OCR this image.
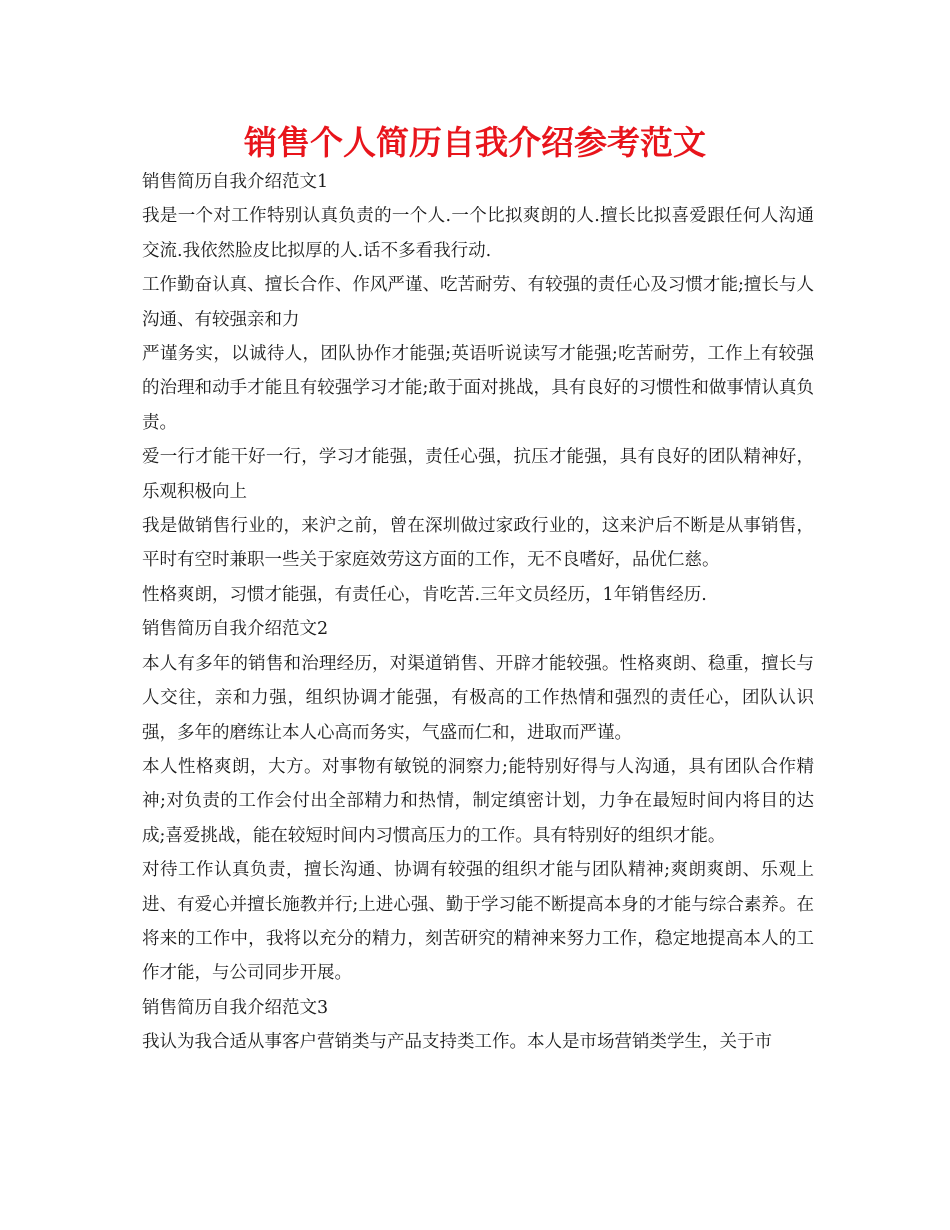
销售个人简历自我介绍参考范文

销售简历自我介绍范文1

我是一个对工作特别认真负责的一个人.一个比拟爽朗的人.擅长比拟喜爱跟任何人沟通交流.我依然脸皮比拟厚的人.话不多看我行动.

工作勤奋认真、擅长合作、作风严谨、吃苦耐劳、有较强的责任心及习惯才能;擅长与人沟通、有较强亲和力

严谨务实，以诚待人，团队协作才能强;英语听说读写才能强;吃苦耐劳，工作上有较强的治理和动手才能且有较强学习才能;敢于面对挑战，具有良好的习惯性和做事情认真负责。

爱一行才能干好一行，学习才能强，责任心强，抗压才能强，具有良好的团队精神好，乐观积极向上

我是做销售行业的，来沪之前，曾在深圳做过家政行业的，这来沪后不断是从事销售，平时有空时兼职一些关于家庭效劳这方面的工作，无不良嗜好，品优仁慈。

性格爽朗，习惯才能强，有责任心，肯吃苦.三年文员经历，1年销售经历.

销售简历自我介绍范文2

本人有多年的销售和治理经历，对渠道销售、开辟才能较强。性格爽朗、稳重，擅长与人交往，亲和力强，组织协调才能强，有极高的工作热情和强烈的责任心，团队认识强，多年的磨练让本人心高而务实，气盛而仁和，进取而严谨。

本人性格爽朗，大方。对事物有敏锐的洞察力;能特别好得与人沟通，具有团队合作精神;对负责的工作会付出全部精力和热情，制定缜密计划，力争在最短时间内将目的达成;喜爱挑战，能在较短时间内习惯高压力的工作。具有特别好的组织才能。

对待工作认真负责，擅长沟通、协调有较强的组织才能与团队精神;爽朗爽朗、乐观上进、有爱心并擅长施教并行;上进心强、勤于学习能不断提高本身的才能与综合素养。在将来的工作中，我将以充分的精力，刻苦研究的精神来努力工作，稳定地提高本人的工作才能，与公司同步开展。

销售简历自我介绍范文3

我认为我合适从事客户营销类与产品支持类工作。本人是市场营销类学生，关于市
